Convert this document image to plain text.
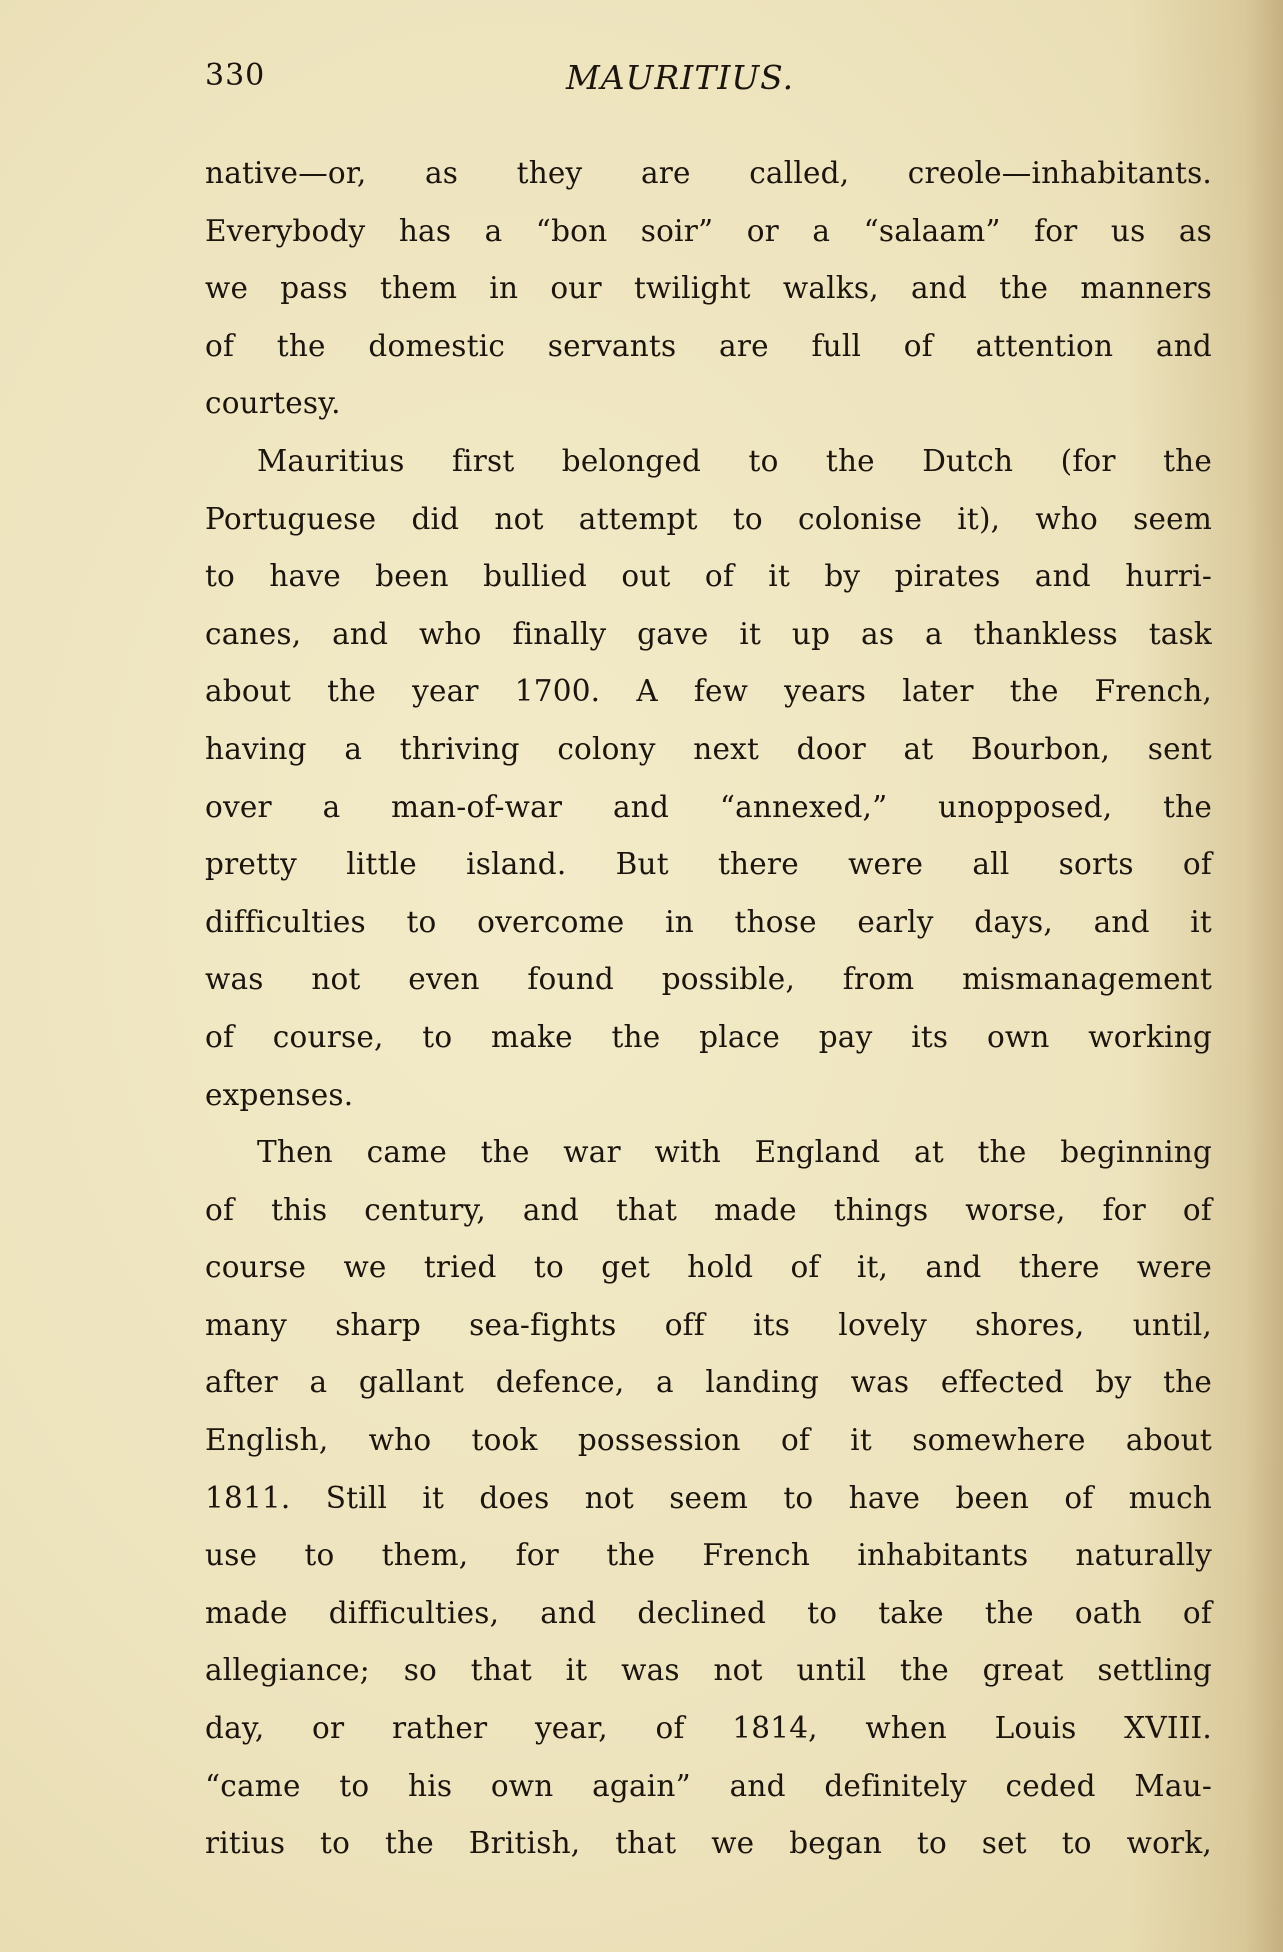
330	MAURITIUS.
native—or, as they are called, creole—inhabitants.
Everybody has a “bon soir” or a “salaam” for us as
we pass them in our twilight walks, and the manners
of the domestic servants are full of attention and
courtesy.
Mauritius first belonged to the Dutch (for the
Portuguese did not attempt to colonise it), who seem
to have been bullied out of it by pirates and hurri-
canes, and who finally gave it up as a thankless task
about the year 1700. A few years later the French,
having a thriving colony next door at Bourbon, sent
over a man-of-war and “annexed,” unopposed, the
pretty little island. But there were all sorts of
difficulties to overcome in those early days, and it
was not even found possible, from mismanagement
of course, to make the place pay its own working
expenses.
Then came the war with England at the beginning
of this century, and that made things worse, for of
course we tried to get hold of it, and there were
many sharp sea-fights off its lovely shores, until,
after a gallant defence, a landing was effected by the
English, who took possession of it somewhere about
1811. Still it does not seem to have been of much
use to them, for the French inhabitants naturally
made difficulties, and declined to take the oath of
allegiance; so that it was not until the great settling
day, or rather year, of 1814, when Louis XVIII.
“came to his own again” and definitely ceded Mau-
ritius to the British, that we began to set to work,
